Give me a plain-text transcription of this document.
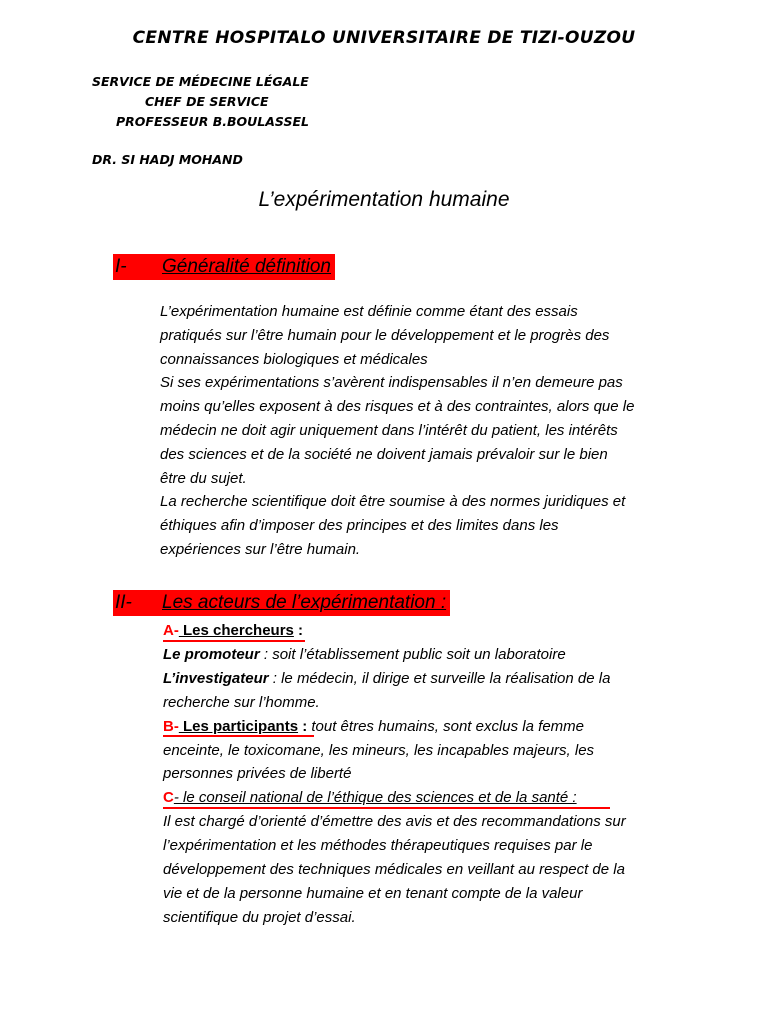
CENTRE HOSPITALO UNIVERSITAIRE DE TIZI-OUZOU
SERVICE DE MÉDECINE LÉGALE
CHEF DE SERVICE
PROFESSEUR B.BOULASSEL
DR. SI HADJ MOHAND
L’expérimentation humaine
I- Généralité définition

L’expérimentation humaine est définie comme étant des essais

pratiqués sur l’être humain pour le développement et le progrès des

connaissances biologiques et médicales

Si ses expérimentations s’avèrent indispensables il n’en demeure pas

moins qu’elles exposent à des risques et à des contraintes, alors que le

médecin ne doit agir uniquement dans l’intérêt du patient, les intérêts

des sciences et de la société ne doivent jamais prévaloir sur le bien

être du sujet.

La recherche scientifique doit être soumise à des normes juridiques et

éthiques afin d’imposer des principes et des limites dans les

expériences sur l’être humain.

II- Les acteurs de l’expérimentation :

A- Les chercheurs :

Le promoteur : soit l’établissement public soit un laboratoire

L’investigateur : le médecin, il dirige et surveille la réalisation de la

recherche sur l’homme.

B- Les participants : tout êtres humains, sont exclus la femme

enceinte, le toxicomane, les mineurs, les incapables majeurs, les

personnes privées de liberté

C- le conseil national de l’éthique des sciences et de la santé :

Il est chargé d’orienté d’émettre des avis et des recommandations sur

l’expérimentation et les méthodes thérapeutiques requises par le

développement des techniques médicales en veillant au respect de la

vie et de la personne humaine et en tenant compte de la valeur

scientifique du projet d’essai.
